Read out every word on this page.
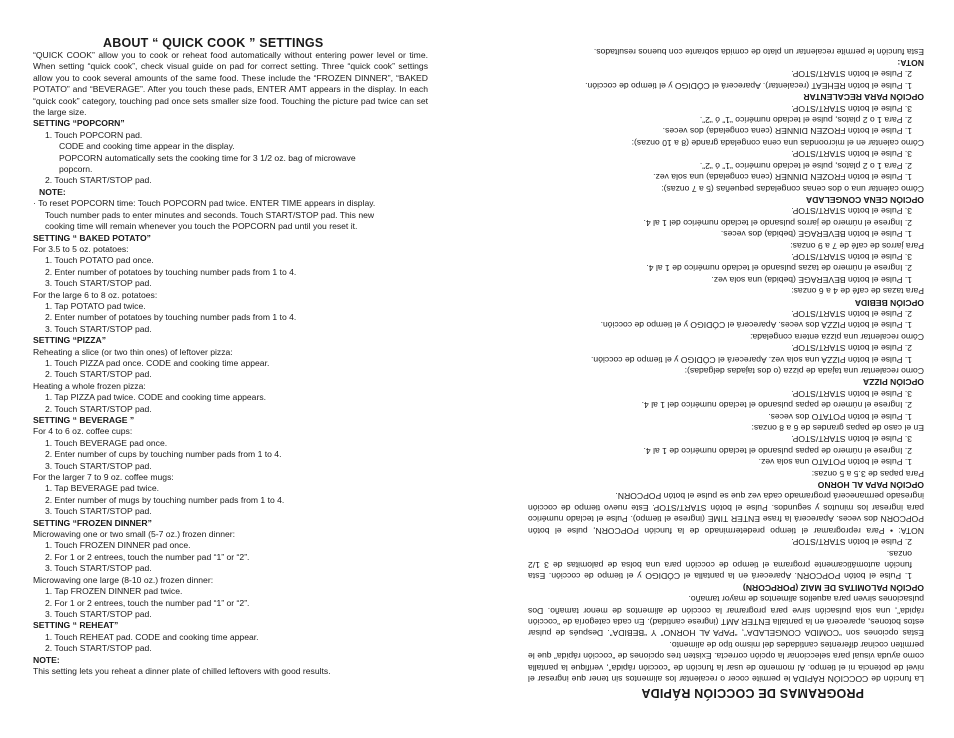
ABOUT “ QUICK COOK ” SETTINGS

“QUICK COOK” allow you to cook or reheat food automatically without entering power level or time. When setting “quick cook”, check visual guide on pad for correct setting. Three “quick cook” settings allow you to cook several amounts of the same food. These include the “FROZEN DINNER”, “BAKED POTATO” and “BEVERAGE”. After you touch these pads, ENTER AMT appears in the display. In each “quick cook” category, touching pad once sets smaller size food. Touching the picture pad twice can set the large size.

SETTING “POPCORN”

1. Touch POPCORN pad.

CODE and cooking time appear in the display.

POPCORN automatically sets the cooking time for 3 1/2 oz. bag of microwave

popcorn.

2. Touch START/STOP pad.

NOTE:

· To reset POPCORN time: Touch POPCORN pad twice. ENTER TIME appears in display.

Touch number pads to enter minutes and seconds. Touch START/STOP pad. This new

cooking time will remain whenever you touch the POPCORN pad until you reset it.

SETTING “ BAKED POTATO”

For 3.5 to 5 oz. potatoes:

1. Touch POTATO pad once.

2. Enter number of potatoes by touching number pads from 1 to 4.

3. Touch START/STOP pad.

For the large 6 to 8 oz. potatoes:

1. Tap POTATO pad twice.

2. Enter number of potatoes by touching number pads from 1 to 4.

3. Touch START/STOP pad.

SETTING “PIZZA”

Reheating a slice (or two thin ones) of leftover pizza:

1. Touch PIZZA pad once. CODE and cooking time appear.

2. Touch START/STOP pad.

Heating a whole frozen pizza:

1. Tap PIZZA pad twice. CODE and cooking time appears.

2. Touch START/STOP pad.

SETTING “ BEVERAGE ”

For 4 to 6 oz. coffee cups:

1. Touch BEVERAGE pad once.

2. Enter number of cups by touching number pads from 1 to 4.

3. Touch START/STOP pad.

For the larger 7 to 9 oz. coffee mugs:

1. Tap BEVERAGE pad twice.

2. Enter number of mugs by touching number pads from 1 to 4.

3. Touch START/STOP pad.

SETTING “FROZEN DINNER”

Microwaving one or two small (5-7 oz.) frozen dinner:

1. Touch FROZEN DINNER pad once.

2. For 1 or 2 entrees, touch the number pad “1” or “2”.

3. Touch START/STOP pad.

Microwaving one large (8-10 oz.) frozen dinner:

1. Tap FROZEN DINNER pad twice.

2. For 1 or 2 entrees, touch the number pad “1” or “2”.

3. Touch START/STOP pad.

SETTING “ REHEAT”

1. Touch REHEAT pad. CODE and cooking time appear.

2. Touch START/STOP pad.

NOTE:

This setting lets you reheat a dinner plate of chilled leftovers with good results.

PROGRAMAS DE COCCIÓN RÁPIDA

La función de COCCIÓN RÁPIDA le permite cocer o recalentar los alimentos sin tener que ingresar el nivel de potencia ni el tiempo. Al momento de usar la función de “cocción rápida”, verifique la pantalla como ayuda visual para seleccionar la opción correcta. Existen tres opciones de “cocción rápida” que le permiten cocinar diferentes cantidades del mismo tipo de alimento.

Estas opciones son “COMIDA CONGELADA”, “PAPA AL HORNO” Y “BEBIDA”. Después de pulsar estos botones, aparecerá en la pantalla ENTER AMT (ingrese cantidad). En cada categoría de “cocción rápida”, una sola pulsación sirve para programar la cocción de alimentos de menor tamaño. Dos pulsaciones sirven para aquellos alimentos de mayor tamaño.

OPCIÓN PALOMITAS DE MAIZ (PORPCORN)

1. Pulse el botón POPCORN. Aparecerá en la pantalla el CÓDIGO y el tiempo de cocción. Esta función automáticamente programa el tiempo de cocción para una bolsa de palomitas de 3 1/2 onzas.

2. Pulse el botón START/STOP.

NOTA: • Para reprogramar el tiempo predeterminado de la función POPCORN, pulse el botón POPCORN dos veces. Aparecerá la frase ENTER TIME (ingrese el tiempo). Pulse el teclado numérico para ingresar los minutos y segundos. Pulse el botón START/STOP. Este nuevo tiempo de cocción ingresado permanecerá programado cada vez que se pulse el botón POPCORN.

OPCIÓN PAPA AL HORNO

Para papas de 3.5 a 5 onzas:

1. Pulse el botón POTATO una sola vez.

2. Ingrese el número de papas pulsando el teclado numérico de 1 al 4.

3. Pulse el botón START/STOP.

En el caso de papas grandes de 6 a 8 onzas:

1. Pulse el botón POTATO dos veces.

2. Ingrese el número de papas pulsando el teclado numérico del 1 al 4.

3. Pulse el botón START/STOP.

OPCIÓN PIZZA

Como recalentar una tajada de pizza (o dos tajadas delgadas):

1. Pulse el botón PIZZA una sola vez. Aparecerá el CÓDIGO y el tiempo de cocción.

2. Pulse el botón START/STOP.

Cómo recalentar una pizza entera congelada:

1. Pulse el botón PIZZA dos veces. Aparecerá el CÓDIGO y el tiempo de cocción.

2. Pulse el botón START/STOP.

OPCIÓN BEBIDA

Para tazas de café de 4 a 6 onzas:

1. Pulse el botón BEVERAGE (bebida) una sola vez.

2. Ingrese el número de tazas pulsando el teclado numérico de 1 al 4.

3. Pulse el botón START/STOP.

Para jarros de café de 7 a 9 onzas:

1. Pulse el botón BEVERAGE (bebida) dos veces.

2. Ingrese el número de jarros pulsando el teclado numérico del 1 al 4.

3. Pulse el botón START/STOP.

OPCIÓN CENA CONGELADA

Cómo calentar una o dos cenas congeladas pequeñas (5 a 7 onzas):

1. Pulse el botón FROZEN DINNER (cena congelada) una sola vez.

2. Para 1 o 2 platos, pulse el teclado numérico “1” ó “2”.

3. Pulse el botón START/STOP.

Cómo calentar en el microondas una cena congelada grande (8 a 10 onzas):

1. Pulse el botón FROZEN DINNER (cena congelada) dos veces.

2. Para 1 o 2 platos, pulse el teclado numérico “1” ó “2”.

3. Pulse el botón START/STOP.

OPCIÓN PARA RECALENTAR

1. Pulse el botón REHEAT (recalentar). Aparecerá el CÓDIGO y el tiempo de cocción.

2. Pulse el botón START/STOP.

NOTA:

Esta función le permite recalentar un plato de comida sobrante con buenos resultados.
